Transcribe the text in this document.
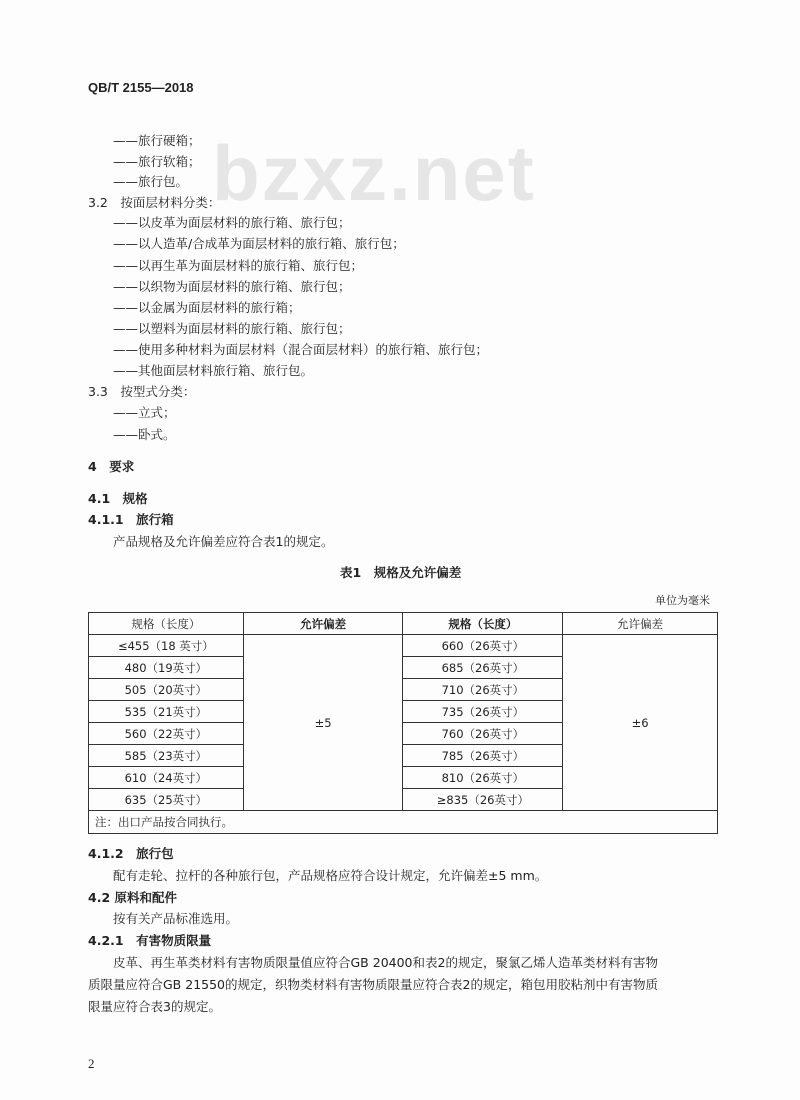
bzxz.net
QB/T 2155—2018
——旅行硬箱；
——旅行软箱；
——旅行包。
3.2　按面层材料分类：
——以皮革为面层材料的旅行箱、旅行包；
——以人造革/合成革为面层材料的旅行箱、旅行包；
——以再生革为面层材料的旅行箱、旅行包；
——以织物为面层材料的旅行箱、旅行包；
——以金属为面层材料的旅行箱；
——以塑料为面层材料的旅行箱、旅行包；
——使用多种材料为面层材料（混合面层材料）的旅行箱、旅行包；
——其他面层材料旅行箱、旅行包。
3.3　按型式分类：
——立式；
——卧式。
4　要求
4.1　规格
4.1.1　旅行箱
产品规格及允许偏差应符合表1的规定。
表1　规格及允许偏差
单位为毫米
规格（长度）	允许偏差	规格（长度）	允许偏差
≤455（18 英寸）	±5	660（26英寸）	±6
480（19英寸）		685（26英寸）	
505（20英寸）		710（26英寸）	
535（21英寸）		735（26英寸）	
560（22英寸）		760（26英寸）	
585（23英寸）		785（26英寸）	
610（24英寸）		810（26英寸）	
635（25英寸）		≥835（26英寸）	
注：出口产品按合同执行。			
4.1.2　旅行包
配有走轮、拉杆的各种旅行包，产品规格应符合设计规定，允许偏差±5 mm。
4.2 原料和配件
按有关产品标准选用。
4.2.1　有害物质限量
皮革、再生革类材料有害物质限量值应符合GB 20400和表2的规定，聚氯乙烯人造革类材料有害物
质限量应符合GB 21550的规定，织物类材料有害物质限量应符合表2的规定，箱包用胶粘剂中有害物质
限量应符合表3的规定。
2
